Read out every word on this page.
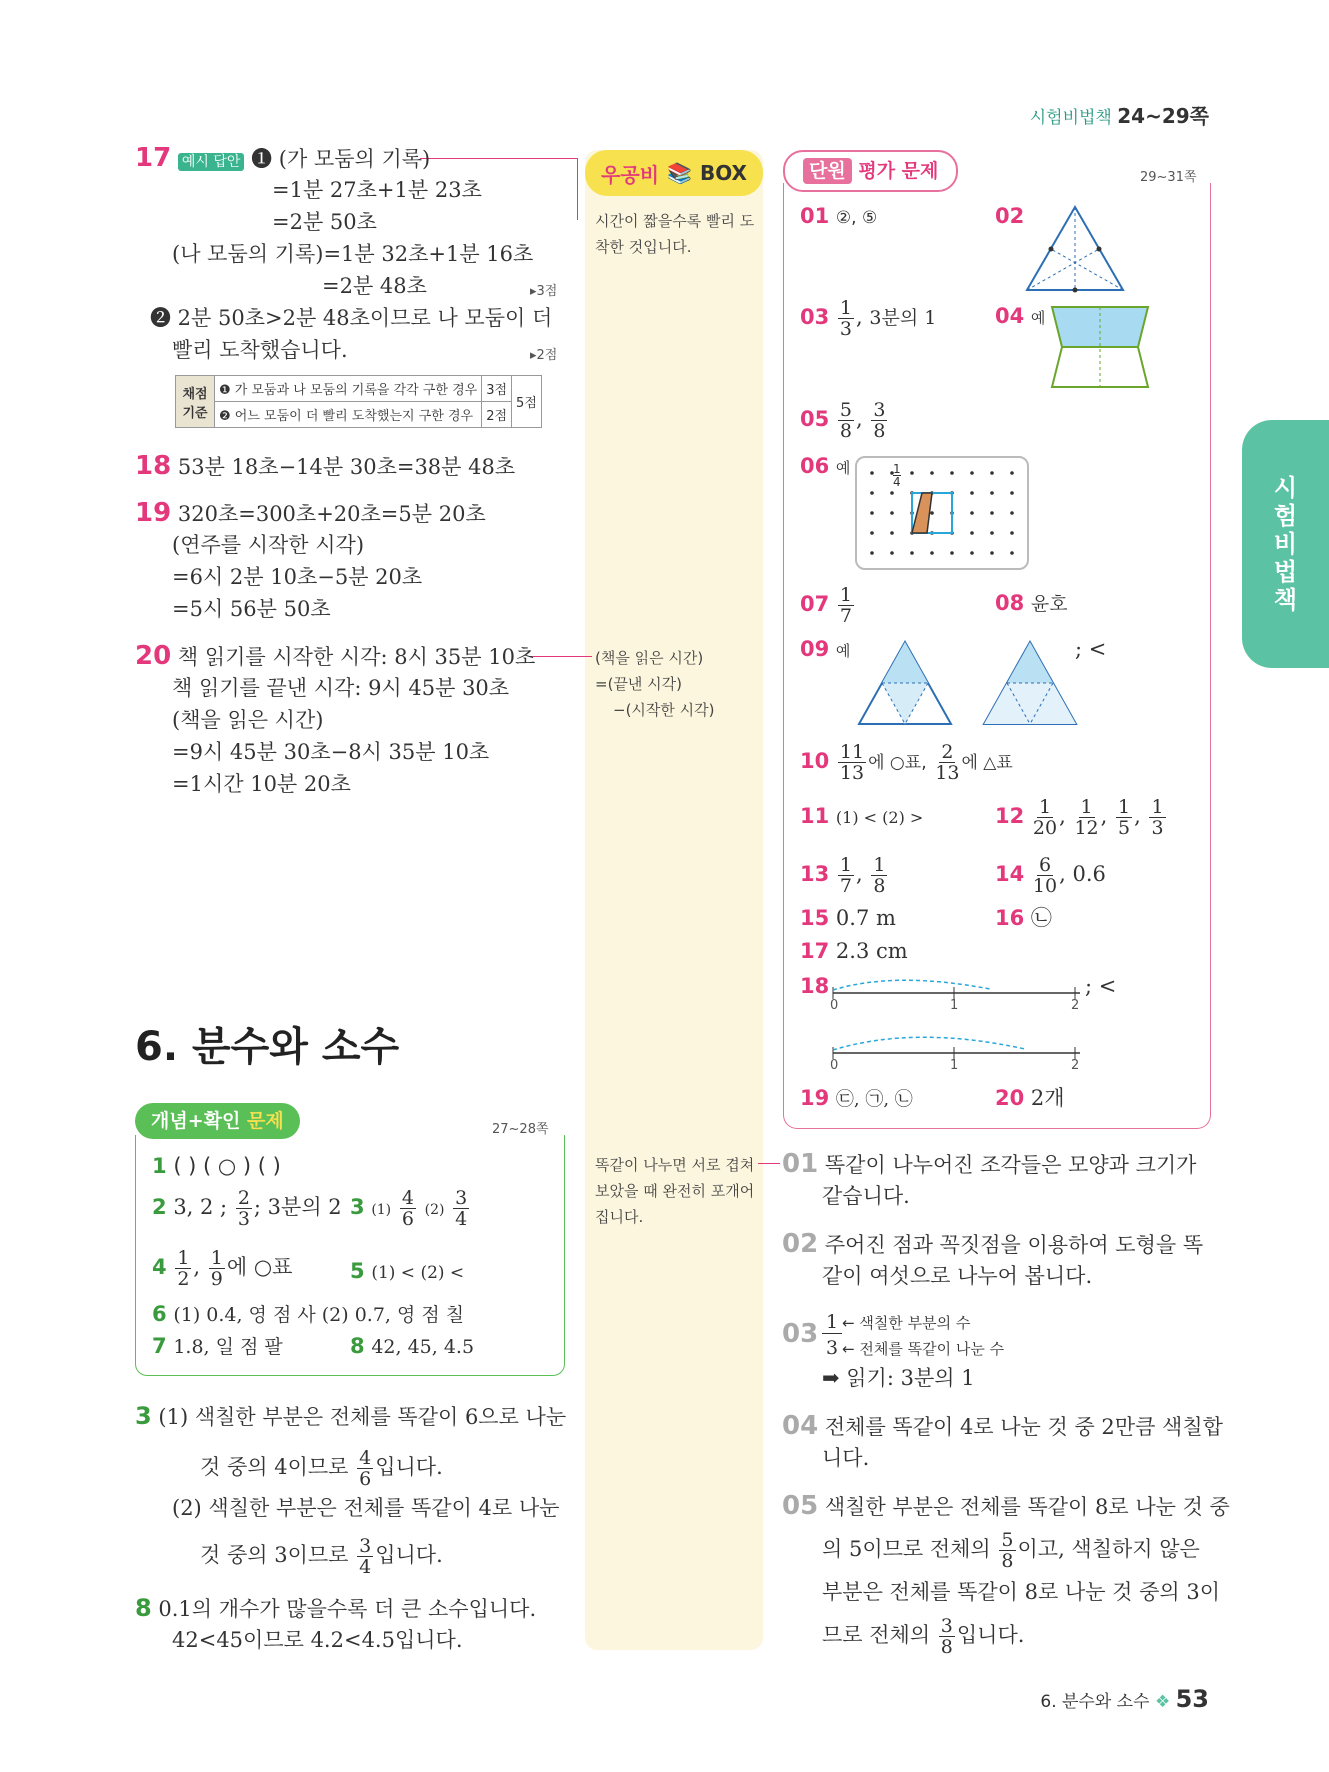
시험비법책 24~29쪽
시
험
비
법
책
우공비 📚 BOX
시간이 짧을수록 빨리 도착한 것입니다.
(책을 읽은 시간)
=(끝낸 시각)
−(시작한 시각)
똑같이 나누면 서로 겹쳐 보았을 때 완전히 포개어집니다.
17 예시 답안 ❶ (가 모둠의 기록)
=1분 27초+1분 23초
=2분 50초
(나 모둠의 기록)=1분 32초+1분 16초
=2분 48초	▸3점
❷ 2분 50초>2분 48초이므로 나 모둠이 더
빨리 도착했습니다.	▸2점
채점 기준	❶ 가 모둠과 나 모둠의 기록을 각각 구한 경우	3점	5점
	❷ 어느 모둠이 더 빨리 도착했는지 구한 경우	2점	
18 53분 18초−14분 30초=38분 48초
19 320초=300초+20초=5분 20초
(연주를 시작한 시각)
=6시 2분 10초−5분 20초
=5시 56분 50초
20 책 읽기를 시작한 시각: 8시 35분 10초
책 읽기를 끝낸 시각: 9시 45분 30초
(책을 읽은 시간)
=9시 45분 30초−8시 35분 10초
=1시간 10분 20초
6. 분수와 소수
개념+확인 문제	27~28쪽
1 ( ) ( ○ ) ( )
2 3, 2 ; $\frac{2}{3}$ ; 3분의 2 3 $(1) \frac{4}{6} (2) \frac{3}{4}$
$4 \frac{1}{2}$ , $\frac{1}{9}$ 에 ○표	5 (1) < (2) <
6 (1) 0.4, 영 점 사 (2) 0.7, 영 점 칠
7 1.8, 일 점 팔	8 42, 45, 4.5
3 (1) 색칠한 부분은 전체를 똑같이 6으로 나눈
것 중의 4이므로 $\frac{4}{6}$ 입니다.
(2) 색칠한 부분은 전체를 똑같이 4로 나눈
것 중의 3이므로 $\frac{3}{4}$ 입니다.
8 0.1의 개수가 많을수록 더 큰 소수입니다.
42<45이므로 4.2<4.5입니다.
단원 평가 문제	29~31쪽
01 ②, ⑤	02
$03 \frac{1}{3}$ , 3분의 1	04 예
$05 \frac{5}{8}$ , $\frac{3}{8}$
06 예	$\frac{1}{4}$
$07 \frac{1}{7}$	08 윤호
09 예	; <
$10 \frac{11}{13}$ 에 ○표, $\frac{2}{13}$ 에 △표
11 (1) < (2) >	$12 \frac{1}{20}$ , $\frac{1}{12}$ , $\frac{1}{5}$ , $\frac{1}{3}$
$13 \frac{1}{7}$ , $\frac{1}{8}$	$14 \frac{6}{10}$ , 0.6
15 0.7 m	16 ㉡
17 2.3 cm
18	; <
0	1	2
0	1	2
19 ㉢, ㉠, ㉡	20 2개
01 똑같이 나누어진 조각들은 모양과 크기가
같습니다.
02 주어진 점과 꼭짓점을 이용하여 도형을 똑
같이 여섯으로 나누어 봅니다.
03 1 ← 색칠한 부분의 수
3 ← 전체를 똑같이 나눈 수
➡ 읽기: 3분의 1
04 전체를 똑같이 4로 나눈 것 중 2만큼 색칠합
니다.
05 색칠한 부분은 전체를 똑같이 8로 나눈 것 중
의 5이므로 전체의 $\frac{5}{8}$ 이고, 색칠하지 않은
부분은 전체를 똑같이 8로 나눈 것 중의 3이
므로 전체의 $\frac{3}{8}$ 입니다.
6. 분수와 소수 ❖ 53
